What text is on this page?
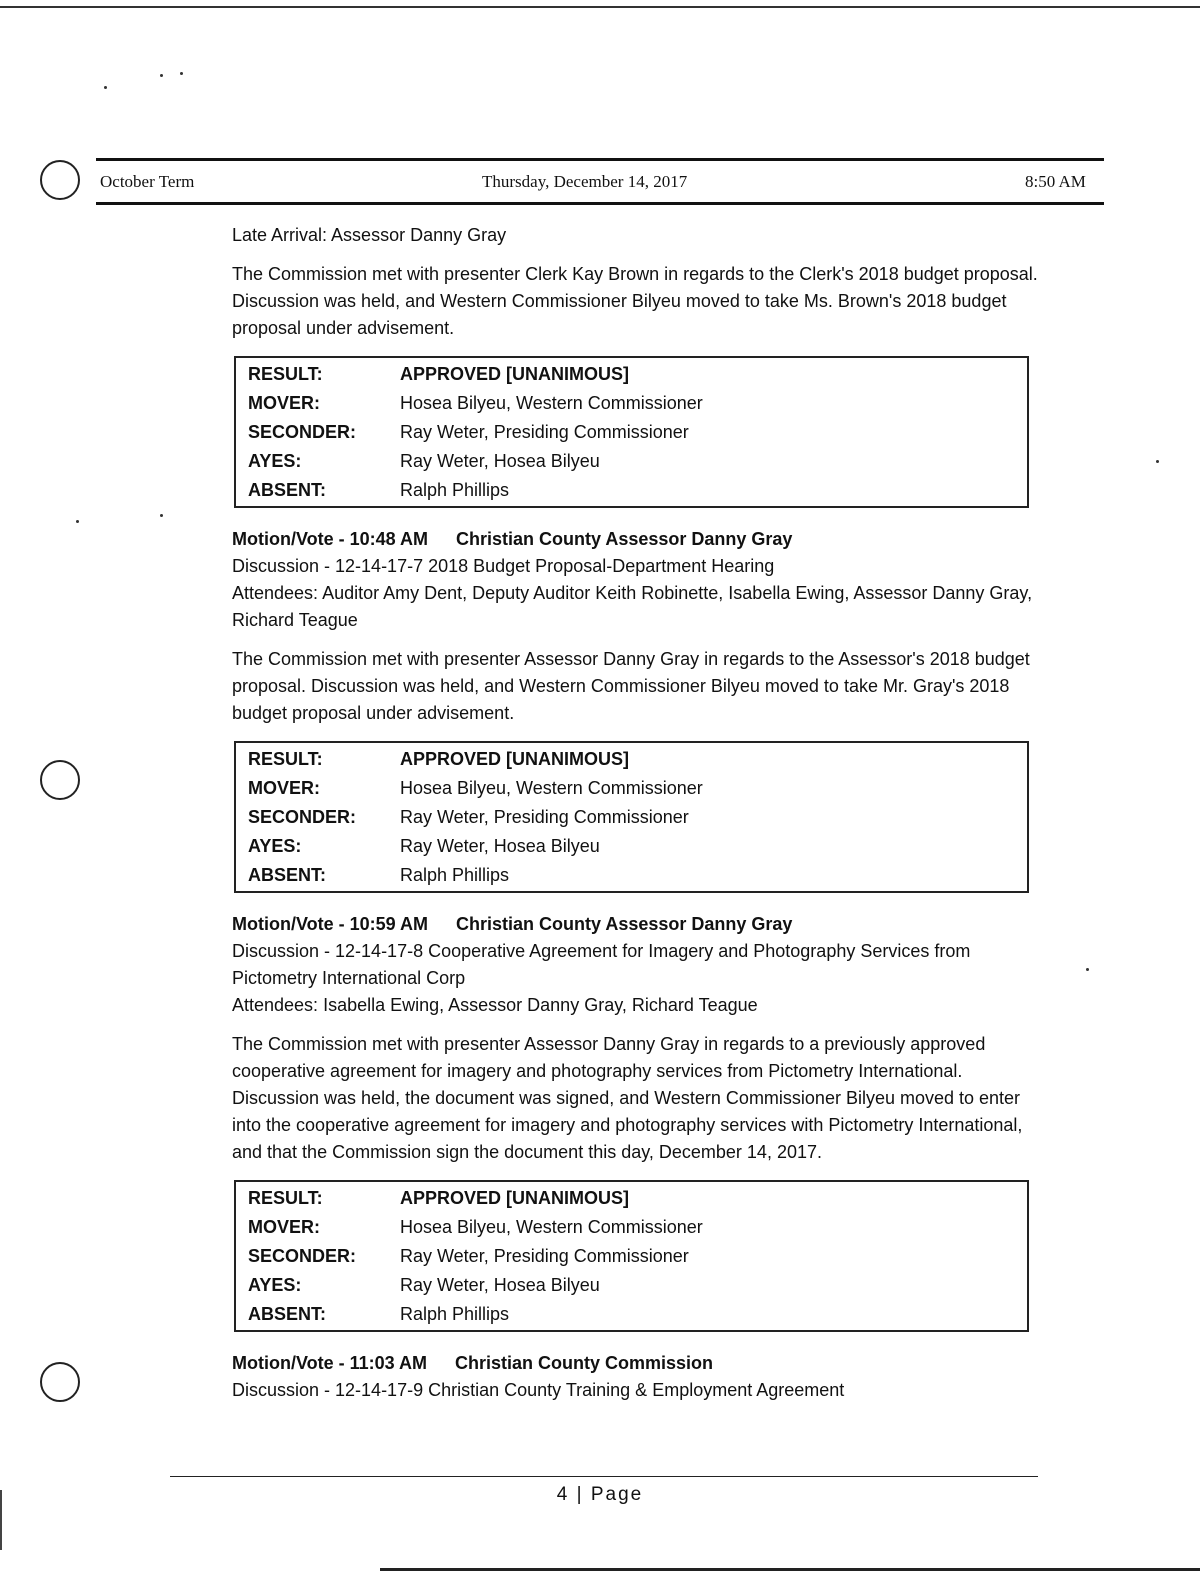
October Term	Thursday, December 14, 2017	8:50 AM

Late Arrival: Assessor Danny Gray

The Commission met with presenter Clerk Kay Brown in regards to the Clerk's 2018 budget proposal. Discussion was held, and Western Commissioner Bilyeu moved to take Ms. Brown's 2018 budget proposal under advisement.

RESULT:	APPROVED [UNANIMOUS]
MOVER:	Hosea Bilyeu, Western Commissioner
SECONDER:	Ray Weter, Presiding Commissioner
AYES:	Ray Weter, Hosea Bilyeu
ABSENT:	Ralph Phillips

Motion/Vote - 10:48 AM Christian County Assessor Danny Gray

Discussion - 12-14-17-7 2018 Budget Proposal-Department Hearing

Attendees: Auditor Amy Dent, Deputy Auditor Keith Robinette, Isabella Ewing, Assessor Danny Gray, Richard Teague

The Commission met with presenter Assessor Danny Gray in regards to the Assessor's 2018 budget proposal. Discussion was held, and Western Commissioner Bilyeu moved to take Mr. Gray's 2018 budget proposal under advisement.

RESULT:	APPROVED [UNANIMOUS]
MOVER:	Hosea Bilyeu, Western Commissioner
SECONDER:	Ray Weter, Presiding Commissioner
AYES:	Ray Weter, Hosea Bilyeu
ABSENT:	Ralph Phillips

Motion/Vote - 10:59 AM Christian County Assessor Danny Gray

Discussion - 12-14-17-8 Cooperative Agreement for Imagery and Photography Services from Pictometry International Corp

Attendees: Isabella Ewing, Assessor Danny Gray, Richard Teague

The Commission met with presenter Assessor Danny Gray in regards to a previously approved cooperative agreement for imagery and photography services from Pictometry International. Discussion was held, the document was signed, and Western Commissioner Bilyeu moved to enter into the cooperative agreement for imagery and photography services with Pictometry International, and that the Commission sign the document this day, December 14, 2017.

RESULT:	APPROVED [UNANIMOUS]
MOVER:	Hosea Bilyeu, Western Commissioner
SECONDER:	Ray Weter, Presiding Commissioner
AYES:	Ray Weter, Hosea Bilyeu
ABSENT:	Ralph Phillips

Motion/Vote - 11:03 AM Christian County Commission

Discussion - 12-14-17-9 Christian County Training & Employment Agreement

4 | Page
